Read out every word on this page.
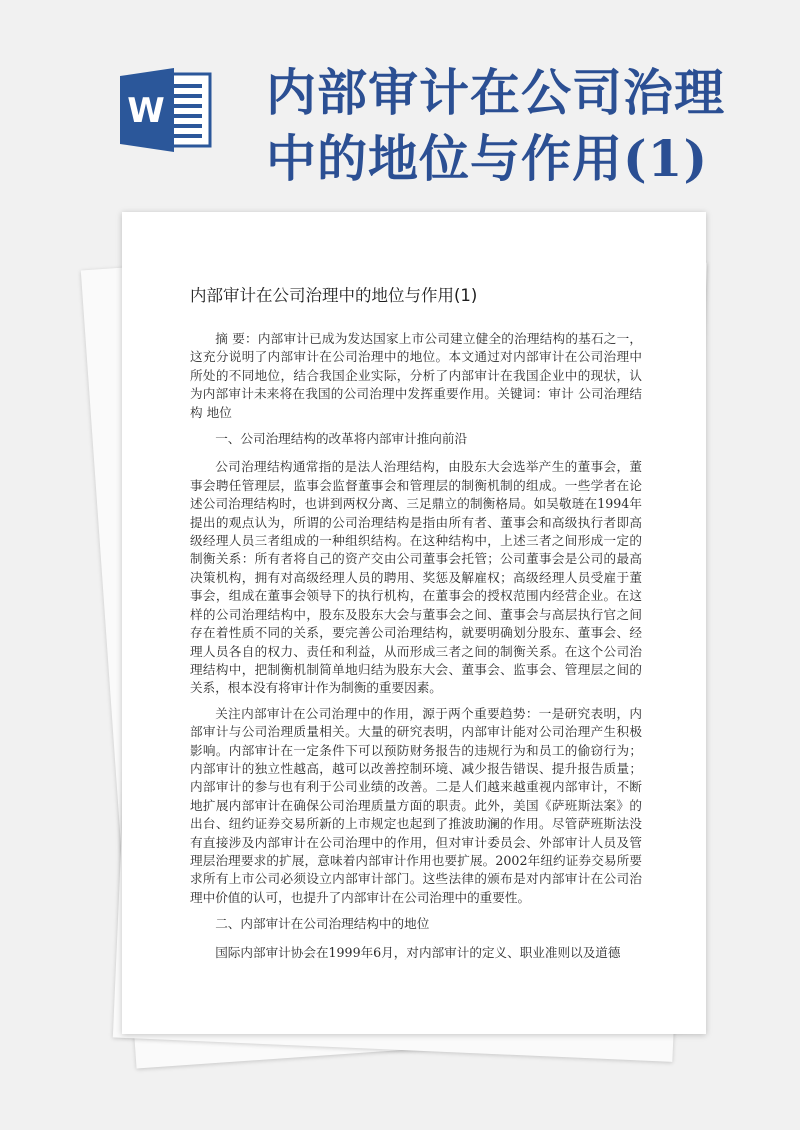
W 内部审计在公司治理中的地位与作用(1)
内部审计在公司治理中的地位与作用(1)

摘 要：内部审计已成为发达国家上市公司建立健全的治理结构的基石之一，这充分说明了内部审计在公司治理中的地位。本文通过对内部审计在公司治理中所处的不同地位，结合我国企业实际，分析了内部审计在我国企业中的现状，认为内部审计未来将在我国的公司治理中发挥重要作用。关键词：审计 公司治理结构 地位

一、公司治理结构的改革将内部审计推向前沿

公司治理结构通常指的是法人治理结构，由股东大会选举产生的董事会，董事会聘任管理层，监事会监督董事会和管理层的制衡机制的组成。一些学者在论述公司治理结构时，也讲到两权分离、三足鼎立的制衡格局。如吴敬琏在1994年提出的观点认为，所谓的公司治理结构是指由所有者、董事会和高级执行者即高级经理人员三者组成的一种组织结构。在这种结构中，上述三者之间形成一定的制衡关系：所有者将自己的资产交由公司董事会托管；公司董事会是公司的最高决策机构，拥有对高级经理人员的聘用、奖惩及解雇权；高级经理人员受雇于董事会，组成在董事会领导下的执行机构，在董事会的授权范围内经营企业。在这样的公司治理结构中，股东及股东大会与董事会之间、董事会与高层执行官之间存在着性质不同的关系，要完善公司治理结构，就要明确划分股东、董事会、经理人员各自的权力、责任和利益，从而形成三者之间的制衡关系。在这个公司治理结构中，把制衡机制简单地归结为股东大会、董事会、监事会、管理层之间的关系，根本没有将审计作为制衡的重要因素。

关注内部审计在公司治理中的作用，源于两个重要趋势：一是研究表明，内部审计与公司治理质量相关。大量的研究表明，内部审计能对公司治理产生积极影响。内部审计在一定条件下可以预防财务报告的违规行为和员工的偷窃行为；内部审计的独立性越高，越可以改善控制环境、减少报告错误、提升报告质量；内部审计的参与也有利于公司业绩的改善。二是人们越来越重视内部审计，不断地扩展内部审计在确保公司治理质量方面的职责。此外，美国《萨班斯法案》的出台、纽约证券交易所新的上市规定也起到了推波助澜的作用。尽管萨班斯法没有直接涉及内部审计在公司治理中的作用，但对审计委员会、外部审计人员及管理层治理要求的扩展，意味着内部审计作用也要扩展。2002年纽约证券交易所要求所有上市公司必须设立内部审计部门。这些法律的颁布是对内部审计在公司治理中价值的认可，也提升了内部审计在公司治理中的重要性。

二、内部审计在公司治理结构中的地位

国际内部审计协会在1999年6月，对内部审计的定义、职业准则以及道德
